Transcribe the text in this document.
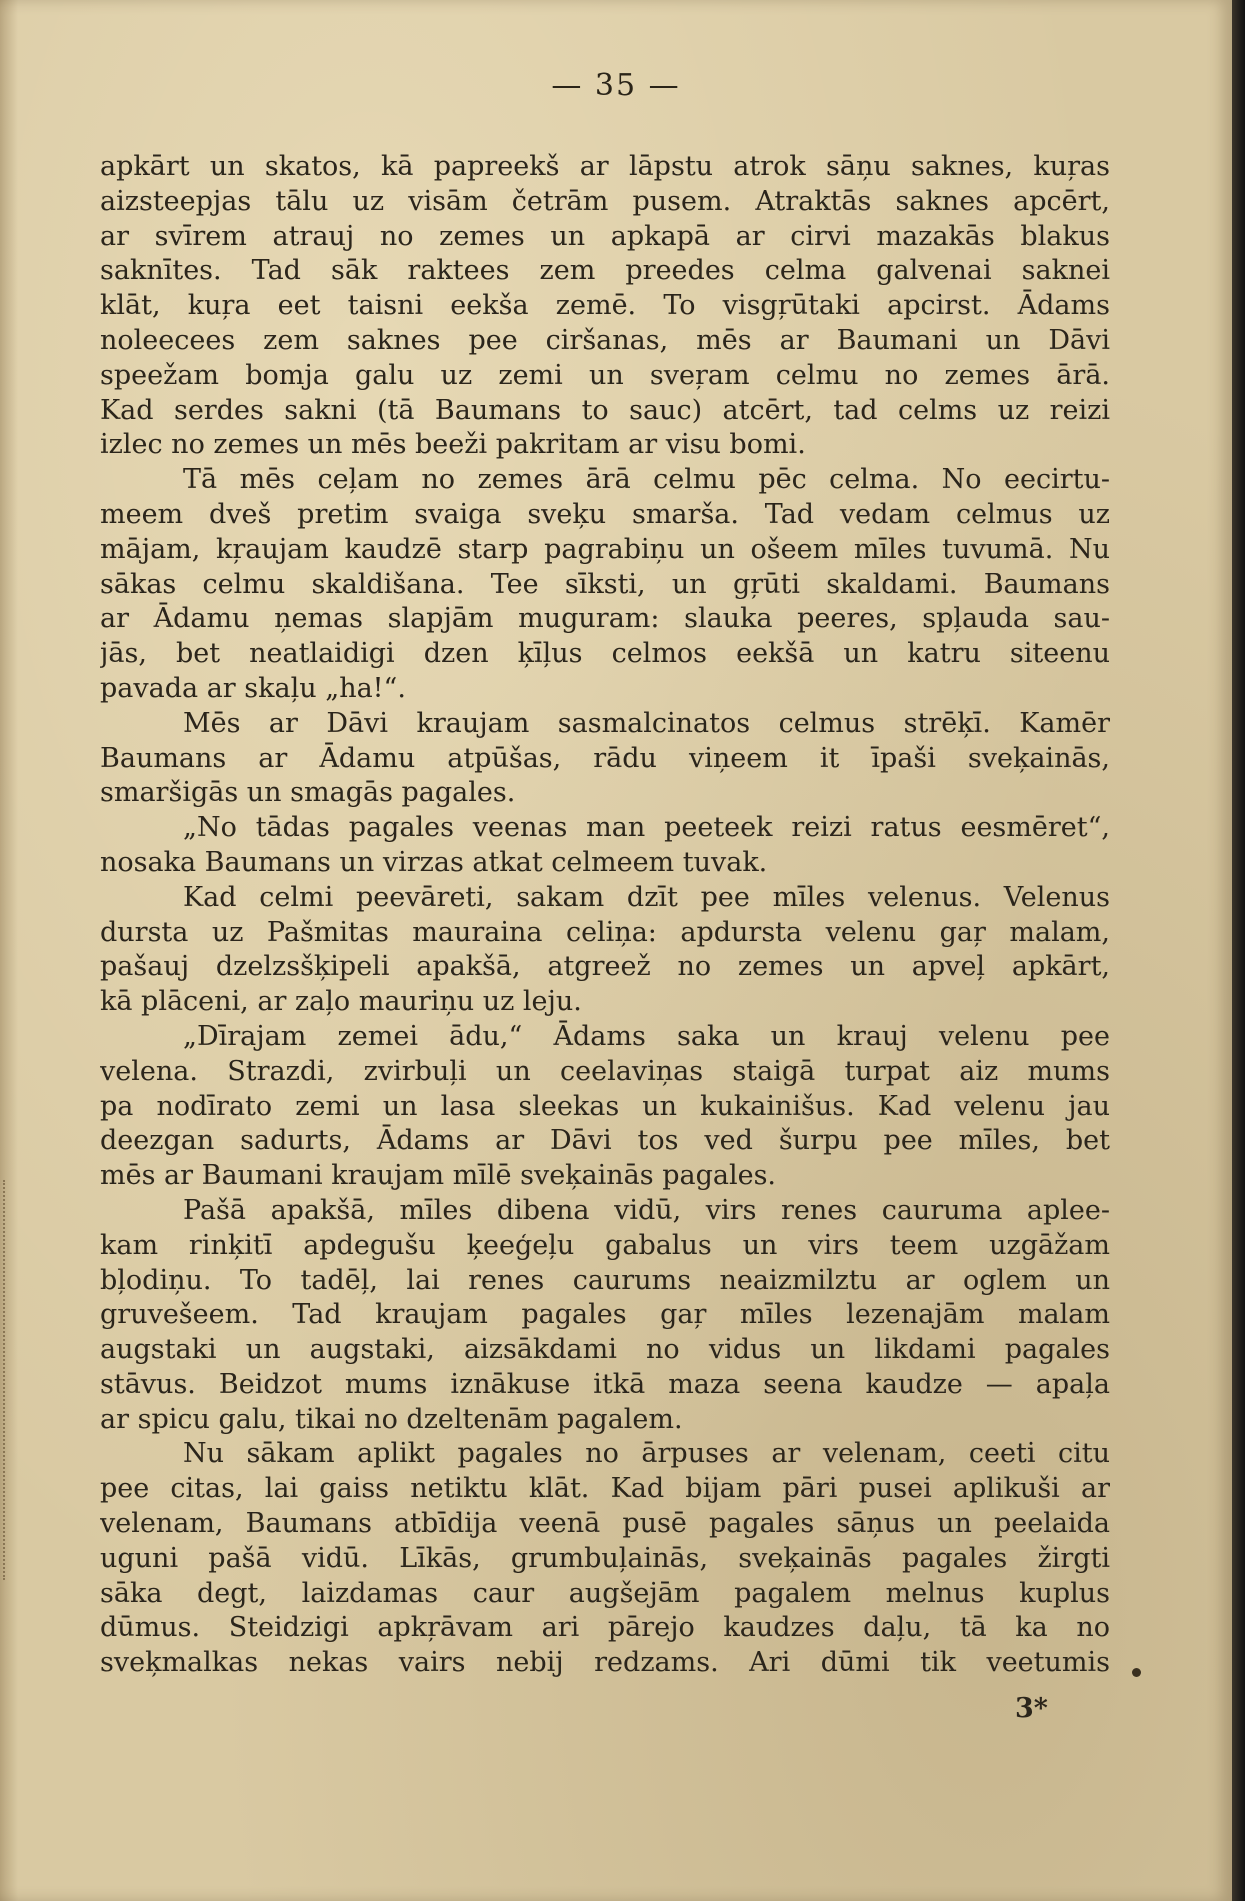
— 35 —
apkārt un skatos, kā papreekš ar lāpstu atrok sāņu saknes, kuŗas
aizsteepjas tālu uz visām četrām pusem. Atraktās saknes apcērt,
ar svīrem atrauj no zemes un apkapā ar cirvi mazakās blakus
saknītes. Tad sāk raktees zem preedes celma galvenai saknei
klāt, kuŗa eet taisni eekša zemē. To visgŗūtaki apcirst. Ādams
noleecees zem saknes pee ciršanas, mēs ar Baumani un Dāvi
speežam bomja galu uz zemi un sveŗam celmu no zemes ārā.
Kad serdes sakni (tā Baumans to sauc) atcērt, tad celms uz reizi
izlec no zemes un mēs beeži pakritam ar visu bomi.
Tā mēs ceļam no zemes ārā celmu pēc celma. No eecirtu-
meem dveš pretim svaiga sveķu smarša. Tad vedam celmus uz
mājam, kŗaujam kaudzē starp pagrabiņu un ošeem mīles tuvumā. Nu
sākas celmu skaldišana. Tee sīksti, un gŗūti skaldami. Baumans
ar Ādamu ņemas slapjām muguram: slauka peeres, spļauda sau-
jās, bet neatlaidigi dzen ķīļus celmos eekšā un katru siteenu
pavada ar skaļu „ha!“.
Mēs ar Dāvi kraujam sasmalcinatos celmus strēķī. Kamēr
Baumans ar Ādamu atpūšas, rādu viņeem it īpaši sveķainās,
smaršigās un smagās pagales.
„No tādas pagales veenas man peeteek reizi ratus eesmēret“,
nosaka Baumans un virzas atkat celmeem tuvak.
Kad celmi peevāreti, sakam dzīt pee mīles velenus. Velenus
dursta uz Pašmitas mauraina celiņa: apdursta velenu gaŗ malam,
pašauj dzelzsšķipeli apakšā, atgreež no zemes un apveļ apkārt,
kā plāceni, ar zaļo mauriņu uz leju.
„Dīrajam zemei ādu,“ Ādams saka un krauj velenu pee
velena. Strazdi, zvirbuļi un ceelaviņas staigā turpat aiz mums
pa nodīrato zemi un lasa sleekas un kukainišus. Kad velenu jau
deezgan sadurts, Ādams ar Dāvi tos ved šurpu pee mīles, bet
mēs ar Baumani kraujam mīlē sveķainās pagales.
Pašā apakšā, mīles dibena vidū, virs renes cauruma aplee-
kam rinķitī apdegušu ķeeģeļu gabalus un virs teem uzgāžam
bļodiņu. To tadēļ, lai renes caurums neaizmilztu ar oglem un
gruvešeem. Tad kraujam pagales gaŗ mīles lezenajām malam
augstaki un augstaki, aizsākdami no vidus un likdami pagales
stāvus. Beidzot mums iznākuse itkā maza seena kaudze — apaļa
ar spicu galu, tikai no dzeltenām pagalem.
Nu sākam aplikt pagales no ārpuses ar velenam, ceeti citu
pee citas, lai gaiss netiktu klāt. Kad bijam pāri pusei aplikuši ar
velenam, Baumans atbīdija veenā pusē pagales sāņus un peelaida
uguni pašā vidū. Līkās, grumbuļainās, sveķainās pagales žirgti
sāka degt, laizdamas caur augšejām pagalem melnus kuplus
dūmus. Steidzigi apkŗāvam ari pārejo kaudzes daļu, tā ka no
sveķmalkas nekas vairs nebij redzams. Ari dūmi tik veetumis
3*
